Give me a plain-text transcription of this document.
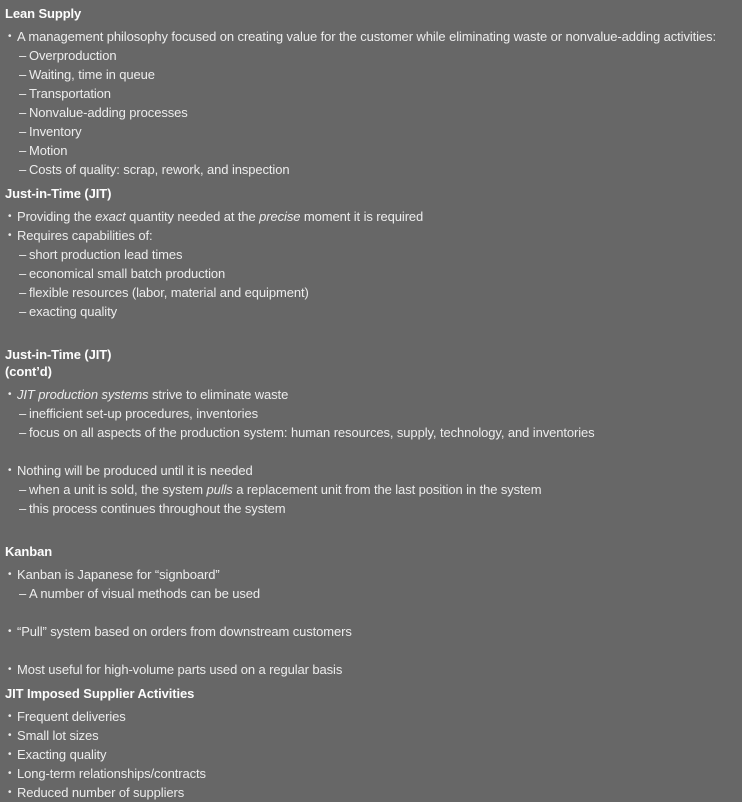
Lean Supply
• A management philosophy focused on creating value for the customer while eliminating waste or nonvalue-adding activities:
– Overproduction
– Waiting, time in queue
– Transportation
– Nonvalue-adding processes
– Inventory
– Motion
– Costs of quality: scrap, rework, and inspection
Just-in-Time (JIT)
• Providing the exact quantity needed at the precise moment it is required
• Requires capabilities of:
– short production lead times
– economical small batch production
– flexible resources (labor, material and equipment)
– exacting quality
Just-in-Time (JIT)
(cont’d)
• JIT production systems strive to eliminate waste
– inefficient set-up procedures, inventories
– focus on all aspects of the production system: human resources, supply, technology, and inventories
• Nothing will be produced until it is needed
– when a unit is sold, the system pulls a replacement unit from the last position in the system
– this process continues throughout the system
Kanban
• Kanban is Japanese for “signboard”
– A number of visual methods can be used
• “Pull” system based on orders from downstream customers
• Most useful for high-volume parts used on a regular basis
JIT Imposed Supplier Activities
• Frequent deliveries
• Small lot sizes
• Exacting quality
• Long-term relationships/contracts
• Reduced number of suppliers
